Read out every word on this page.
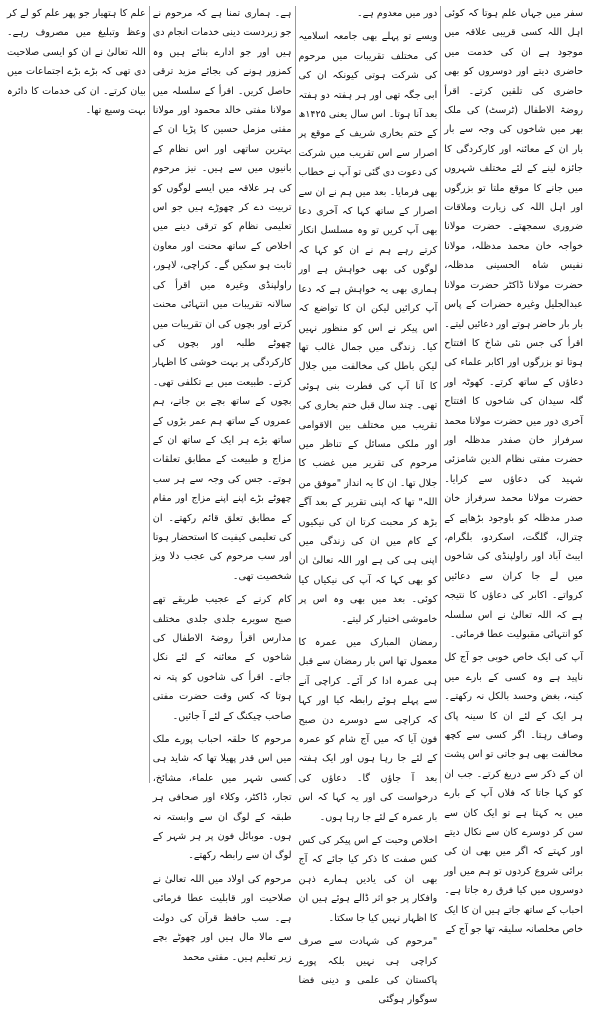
سفر میں جہاں علم ہوتا کہ کوئی اہل اللہ کسی قریبی علاقہ میں موجود ہے ان کی خدمت میں حاضری دیتے اور دوسروں کو بھی حاضری کی تلقین کرتے۔ اقرأ روضۃ الاطفال (ٹرسٹ) کی ملک بھر میں شاخوں کی وجہ سے بار بار ان کے معائنہ اور کارکردگی کا جائزہ لینے کے لئے مختلف شہروں میں جانے کا موقع ملتا تو بزرگوں اور اہل اللہ کی زیارت وملاقات ضروری سمجھتے۔ حضرت مولانا خواجہ خان محمد مدظلہ، مولانا نفیس شاہ الحسینی مدظلہ، حضرت مولانا ڈاکٹر حضرت مولانا عبدالجلیل وغیرہ حضرات کے پاس بار بار حاضر ہوتے اور دعائیں لیتے۔ اقرأ کی جس نئی شاخ کا افتتاح ہوتا تو بزرگوں اور اکابر علماء کی دعاؤں کے ساتھ کرتے۔ کھوٹہ اور گلہ سیدان کی شاخوں کا افتتاح آخری دور میں حضرت مولانا محمد سرفراز خان صفدر مدظلہ اور حضرت مفتی نظام الدین شامزئی شہید کی دعاؤں سے کرایا۔ حضرت مولانا محمد سرفراز خان صدر مدظلہ کو باوجود بڑھاپے کے چترال، گلگت، اسکردو، بلگرام، ایبٹ آباد اور راولپنڈی کی شاخوں میں لے جا کران سے دعائیں کرواتے۔ اکابر کی دعاؤں کا نتیجہ ہے کہ اللہ تعالیٰ نے اس سلسلہ کو انتہائی مقبولیت عطا فرمائی۔

آپ کی ایک خاص خوبی جو آج کل ناپید ہے وہ کسی کے بارے میں کینہ، بغض وحسد بالکل نہ رکھتے۔ ہر ایک کے لئے ان کا سینہ پاک وصاف رہتا۔ اگر کسی سے کچھ مخالفت بھی ہو جاتی تو اس پشت ان کے ذکر سے دریغ کرتے۔ جب ان کو کہا جاتا کہ فلاں آپ کے بارے میں یہ کہتا ہے تو ایک کان سے سن کر دوسرے کان سے نکال دیتے اور کہتے کہ اگر میں بھی ان کی برائی شروع کردوں تو ہم میں اور دوسروں میں کیا فرق رہ جاتا ہے۔ احباب کے ساتھ جاتے ہیں ان کا ایک خاص مخلصانہ سلیقہ تھا جو آج کے

دور میں معدوم ہے۔

ویسے تو پہلے بھی جامعہ اسلامیہ کی مختلف تقریبات میں مرحوم کی شرکت ہوتی کیونکہ ان کی ابی جگہ تھی اور ہر ہفتہ دو ہفتہ بعد آنا ہوتا۔ اس سال یعنی ۱۴۲۵ھ کے ختم بخاری شریف کے موقع پر اصرار سے اس تقریب میں شرکت کی دعوت دی گئی تو آپ نے خطاب بھی فرمایا۔ بعد میں ہم نے ان سے اصرار کے ساتھ کہا کہ آخری دعا بھی آپ کریں تو وہ مسلسل انکار کرتے رہے ہم نے ان کو کہا کہ لوگوں کی بھی خواہش ہے اور ہماری بھی یہ خواہش ہے کہ دعا آپ کرائیں لیکن ان کا تواضع کہ اس پیکر نے اس کو منظور نہیں کیا۔ زندگی میں جمال غالب تھا لیکن باطل کی مخالفت میں جلال کا آنا آپ کی فطرت بنی ہوئی تھی۔ چند سال قبل ختم بخاری کی تقریب میں مختلف بین الاقوامی اور ملکی مسائل کے تناظر میں مرحوم کی تقریر میں غضب کا جلال تھا۔ ان کا یہ انداز "موفق من اللہ" تھا کہ اپنی تقریر کے بعد آگے بڑھ کر محبت کرتا ان کی نیکیوں کے کام میں ان کی زندگی میں اپنی ہی کی ہے اور اللہ تعالیٰ ان کو بھی کہا کہ آپ کی نیکیاں کیا کوئی۔ بعد میں بھی وہ اس پر خاموشی اختیار کر لیتے۔

رمضان المبارک میں عمرہ کا معمول تھا اس بار رمضان سے قبل ہی عمرہ ادا کر آئے۔ کراچی آنے سے پہلے ہوئے رابطہ کیا اور کہا کہ کراچی سے دوسرے دن صبح فون آیا کہ میں آج شام کو عمرہ کے لئے جا رہا ہوں اور ایک ہفتہ بعد آ جاؤں گا۔ دعاؤں کی درخواست کی اور یہ کہا کہ اس بار عمرہ کے لئے جا رہا ہوں۔

اخلاص وحبت کے اس پیکر کی کس کس صفت کا ذکر کیا جائے کہ آج بھی ان کی یادیں ہمارے ذہن وافکار پر جو اثر ڈالے ہوئے ہیں ان کا اظہار نہیں کیا جا سکتا۔

"مرحوم کی شہادت سے صرف کراچی ہی نہیں بلکہ پورے پاکستان کی علمی و دینی فضا سوگوار ہوگئی

ہے۔ ہماری تمنا ہے کہ مرحوم نے جو زبردست دینی خدمات انجام دی ہیں اور جو ادارے بنائے ہیں وہ کمزور ہونے کی بجائے مزید ترقی حاصل کریں۔ اقرأ کے سلسلہ میں مولانا مفتی خالد محمود اور مولانا مفتی مزمل حسین کا پڑیا ان کے بہترین ساتھی اور اس نظام کے بانیوں میں سے ہیں۔ نیز مرحوم کی ہر علاقہ میں ایسے لوگوں کو تربیت دے کر چھوڑے ہیں جو اس تعلیمی نظام کو ترقی دینے میں اخلاص کے ساتھ محنت اور معاون ثابت ہو سکیں گے۔ کراچی، لاہور، راولپنڈی وغیرہ میں اقرأ کی سالانہ تقریبات میں انتہائی محنت کرتے اور بچوں کی ان تقریبات میں چھوٹے طلبہ اور بچوں کی کارکردگی پر بہت خوشی کا اظہار کرتے۔ طبیعت میں بے تکلفی تھی۔ بچوں کے ساتھ بچے بن جاتے، ہم عمروں کے ساتھ ہم عمر بڑوں کے ساتھ بڑے ہر ایک کے ساتھ ان کے مزاج و طبیعت کے مطابق تعلقات ہوتے۔ جس کی وجہ سے ہر سب چھوٹے بڑے اپنے اپنے مزاج اور مقام کے مطابق تعلق قائم رکھتے۔ ان کی تعلیمی کیفیت کا استحضار ہوتا اور سب مرحوم کی عجب دلا ویز شخصیت تھی۔

کام کرنے کے عجیب طریقے تھے صبح سویرے جلدی جلدی مختلف مدارس اقرأ روضۃ الاطفال کی شاخوں کے معائنہ کے لئے نکل جاتے۔ اقرأ کی شاخوں کو پتہ نہ ہوتا کہ کس وقت حضرت مفتی صاحب چیکنگ کے لئے آ جائیں۔

مرحوم کا حلقہ احباب پورے ملک میں اس قدر پھیلا تھا کہ شاید ہی کسی شہر میں علماء، مشائخ، تجار، ڈاکٹر، وکلاء اور صحافی ہر طبقہ کے لوگ ان سے وابستہ نہ ہوں۔ موبائل فون پر ہر شہر کے لوگ ان سے رابطہ رکھتے۔

مرحوم کی اولاد میں اللہ تعالیٰ نے صلاحیت اور قابلیت عطا فرمائی ہے۔ سب حافظ قرآن کی دولت سے مالا مال ہیں اور چھوٹے بچے زیر تعلیم ہیں۔ مفتی محمد

علم کا ہتھیار جو پھر علم کو لے کر وعظ وتبلیغ میں مصروف رہے۔ اللہ تعالیٰ نے ان کو ایسی صلاحیت دی تھی کہ بڑے بڑے اجتماعات میں بیان کرتے۔ ان کی خدمات کا دائرہ بہت وسیع تھا۔
